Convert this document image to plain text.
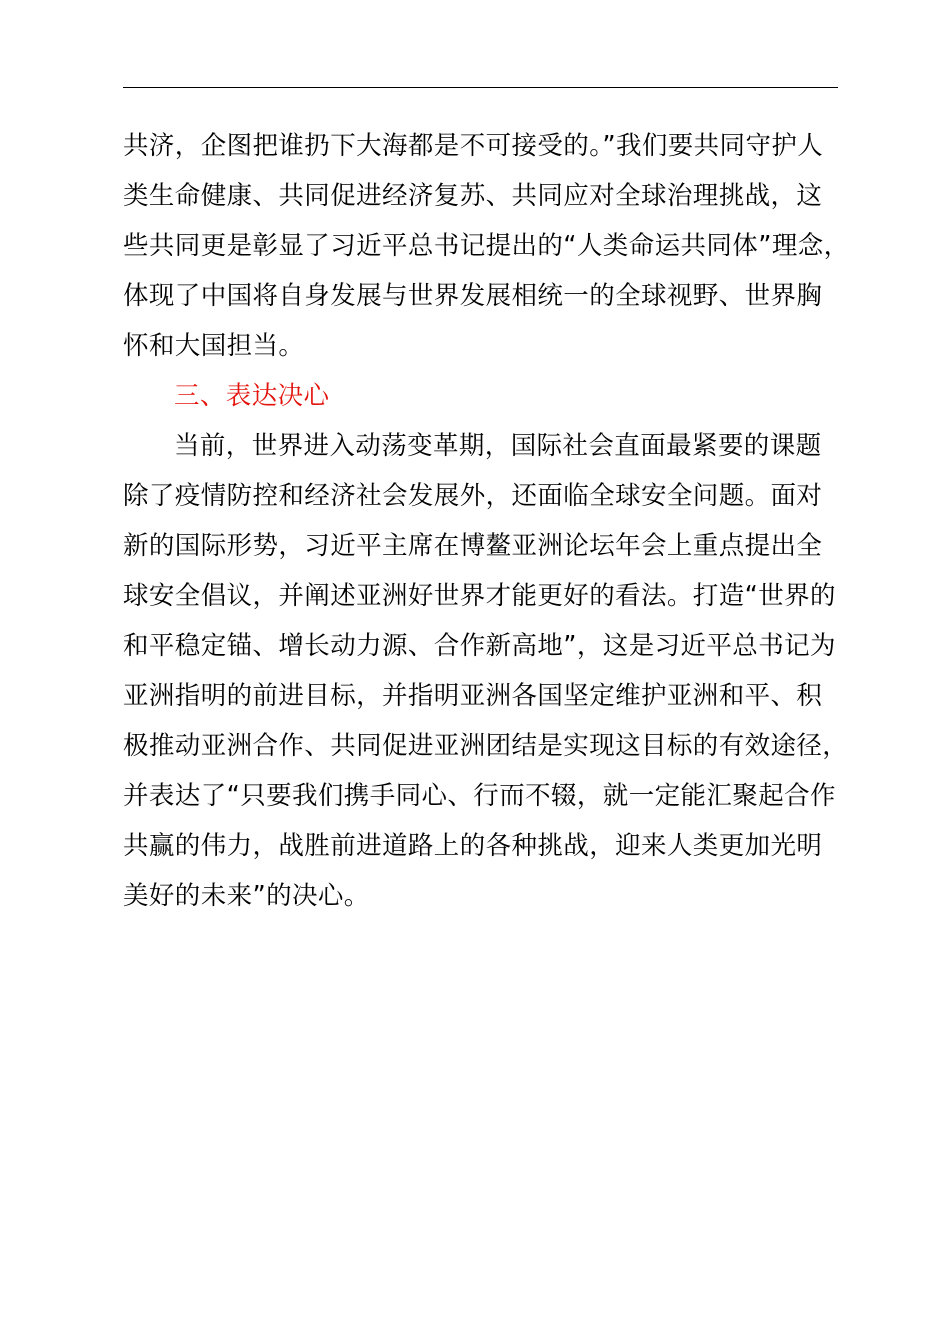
共济，企图把谁扔下大海都是不可接受的。”我们要共同守护人
类生命健康、共同促进经济复苏、共同应对全球治理挑战，这
些共同更是彰显了习近平总书记提出的“人类命运共同体”理念，
体现了中国将自身发展与世界发展相统一的全球视野、世界胸
怀和大国担当。
三、表达决心
当前，世界进入动荡变革期，国际社会直面最紧要的课题
除了疫情防控和经济社会发展外，还面临全球安全问题。面对
新的国际形势，习近平主席在博鳌亚洲论坛年会上重点提出全
球安全倡议，并阐述亚洲好世界才能更好的看法。打造“世界的
和平稳定锚、增长动力源、合作新高地”，这是习近平总书记为
亚洲指明的前进目标，并指明亚洲各国坚定维护亚洲和平、积
极推动亚洲合作、共同促进亚洲团结是实现这目标的有效途径，
并表达了“只要我们携手同心、行而不辍，就一定能汇聚起合作
共赢的伟力，战胜前进道路上的各种挑战，迎来人类更加光明
美好的未来”的决心。
